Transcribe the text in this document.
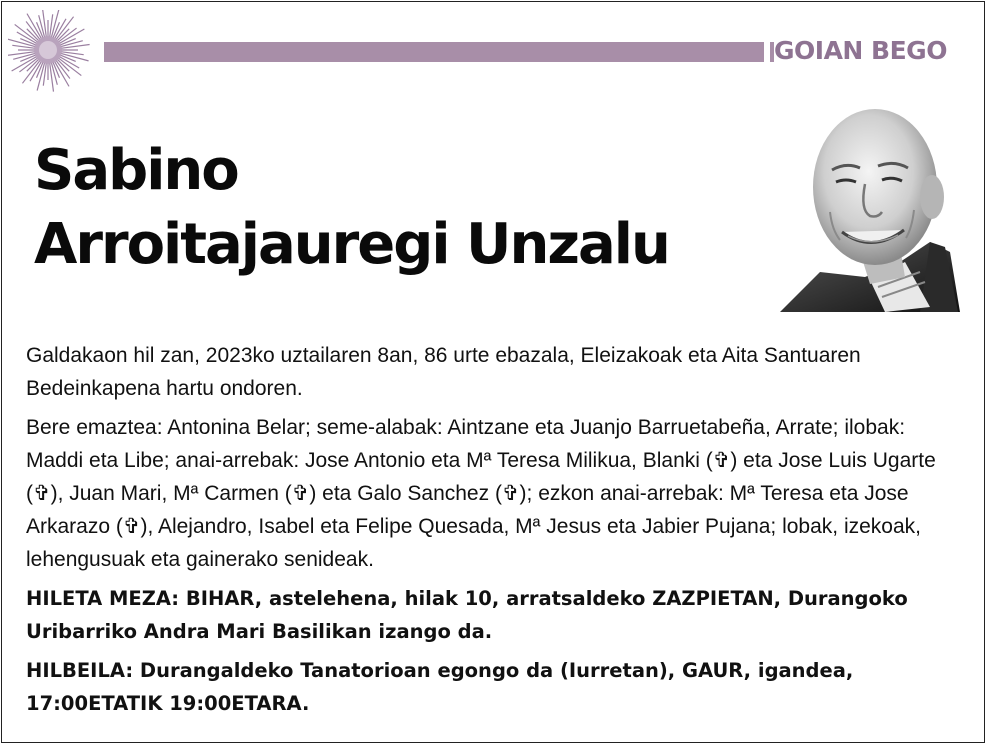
GOIAN BEGO
Sabino
Arroitajauregi Unzalu

Galdakaon hil zan, 2023ko uztailaren 8an, 86 urte ebazala, Eleizakoak eta Aita Santuaren Bedeinkapena hartu ondoren.

Bere emaztea: Antonina Belar; seme-alabak: Aintzane eta Juanjo Barruetabeña, Arrate; ilobak: Maddi eta Libe; anai-arrebak: Jose Antonio eta Mª Teresa Milikua, Blanki (✞) eta Jose Luis Ugarte (✞), Juan Mari, Mª Carmen (✞) eta Galo Sanchez (✞); ezkon anai-arrebak: Mª Teresa eta Jose Arkarazo (✞), Alejandro, Isabel eta Felipe Quesada, Mª Jesus eta Jabier Pujana; lobak, izekoak, lehengusuak eta gainerako senideak.

HILETA MEZA: BIHAR, astelehena, hilak 10, arratsaldeko ZAZPIETAN, Durangoko Uribarriko Andra Mari Basilikan izango da.

HILBEILA: Durangaldeko Tanatorioan egongo da (Iurretan), GAUR, igandea, 17:00ETATIK 19:00ETARA.
